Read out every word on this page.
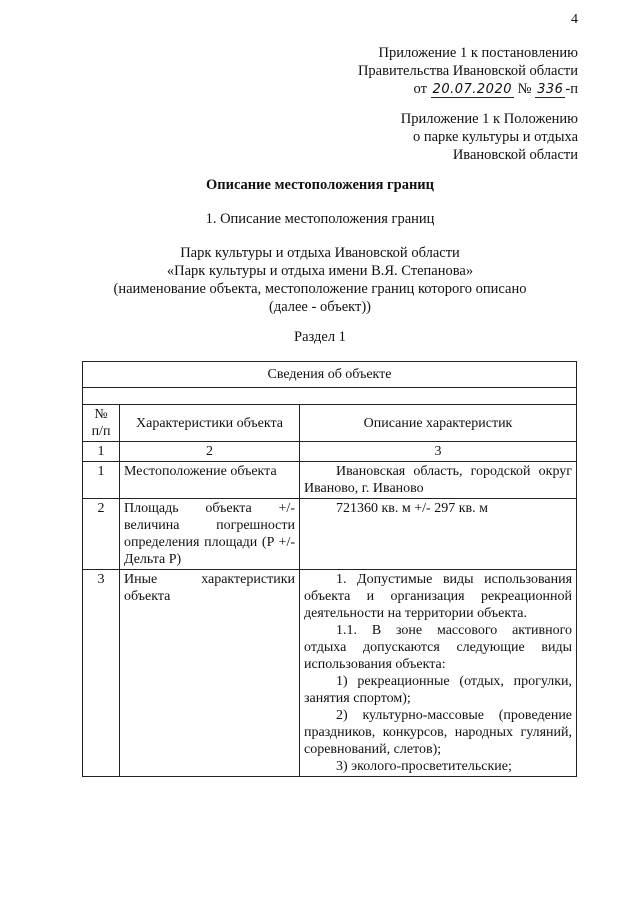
4
Приложение 1 к постановлению
Правительства Ивановской области
от 20.07.2020 № 336 -п
Приложение 1 к Положению
о парке культуры и отдыха
Ивановской области
Описание местоположения границ
1. Описание местоположения границ
Парк культуры и отдыха Ивановской области
«Парк культуры и отдыха имени В.Я. Степанова»
(наименование объекта, местоположение границ которого описано
(далее - объект))
Раздел 1
Сведения об объекте		

№ п/п	Характеристики объекта	Описание характеристик
1	2	3
1	Местоположение объекта	Ивановская область, городской округ Иваново, г. Иваново
2	Площадь объекта +/- величина погрешности определения площади (P +/- Дельта P)	721360 кв. м +/- 297 кв. м
3	Иные характеристики объекта	1. Допустимые виды использования объекта и организация рекреационной деятельности на территории объекта.
1.1. В зоне массового активного отдыха допускаются следующие виды использования объекта:
1) рекреационные (отдых, прогулки, занятия спортом);
2) культурно-массовые (проведение праздников, конкурсов, народных гуляний, соревнований, слетов);
3) эколого-просветительские;
